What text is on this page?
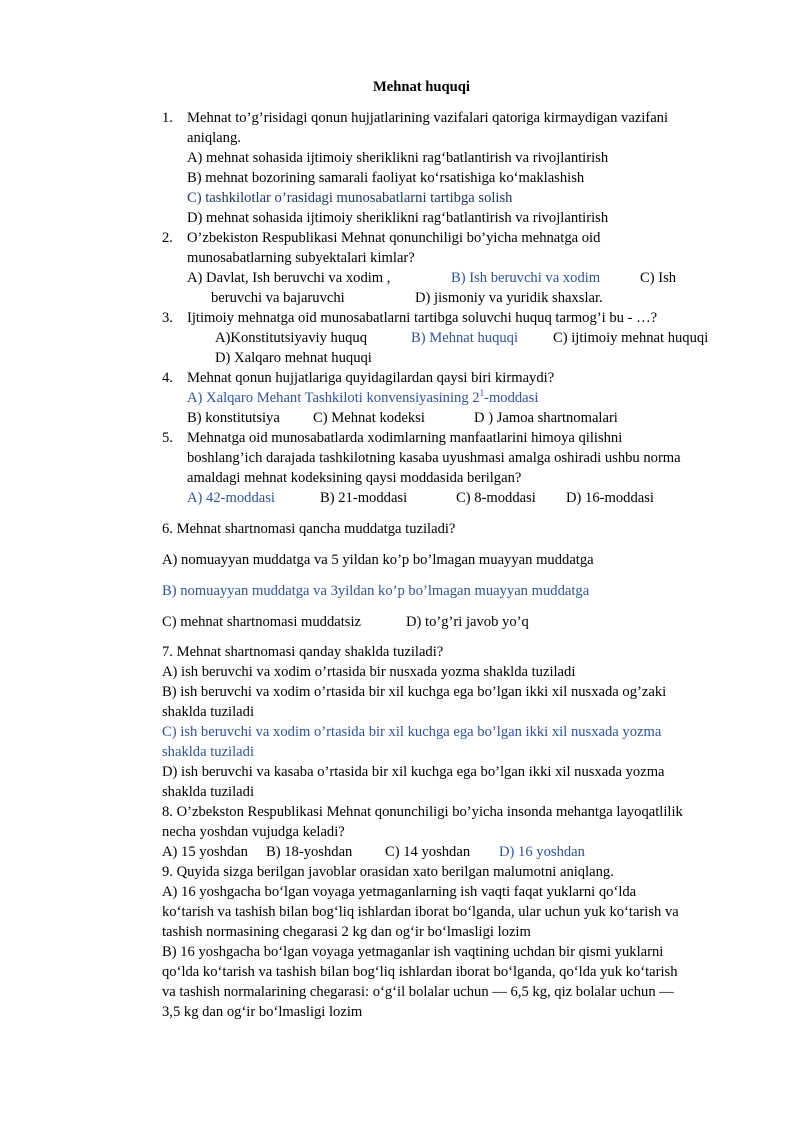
Mehnat huquqi
1. Mehnat to’g’risidagi qonun hujjatlarining vazifalari qatoriga kirmaydigan vazifani
aniqlang.
A) mehnat sohasida ijtimoiy sheriklikni rag‘batlantirish va rivojlantirish
B) mehnat bozorining samarali faoliyat ko‘rsatishiga ko‘maklashish
C) tashkilotlar o’rasidagi munosabatlarni tartibga solish
D) mehnat sohasida ijtimoiy sheriklikni rag‘batlantirish va rivojlantirish
2. O’zbekiston Respublikasi Mehnat qonunchiligi bo’yicha mehnatga oid
munosabatlarning subyektalari kimlar?
A) Davlat, Ish beruvchi va xodim ,	B) Ish beruvchi va xodim	C) Ish
beruvchi va bajaruvchi	D) jismoniy va yuridik shaxslar.
3. Ijtimoiy mehnatga oid munosabatlarni tartibga soluvchi huquq tarmog’i bu - …?
A)Konstitutsiyaviy huquq	B) Mehnat huquqi C) ijtimoiy mehnat huquqi
D) Xalqaro mehnat huquqi
4. Mehnat qonun hujjatlariga quyidagilardan qaysi biri kirmaydi?
A) Xalqaro Mehant Tashkiloti konvensiyasining $2^1$-moddasi
B) konstitutsiya C) Mehnat kodeksi	D ) Jamoa shartnomalari
5. Mehnatga oid munosabatlarda xodimlarning manfaatlarini himoya qilishni
boshlang’ich darajada tashkilotning kasaba uyushmasi amalga oshiradi ushbu norma
amaldagi mehnat kodeksining qaysi moddasida berilgan?
A) 42-moddasi	B) 21-moddasi	C) 8-moddasi D) 16-moddasi
6. Mehnat shartnomasi qancha muddatga tuziladi?
A) nomuayyan muddatga va 5 yildan ko’p bo’lmagan muayyan muddatga
B) nomuayyan muddatga va 3yildan ko’p bo’lmagan muayyan muddatga
C) mehnat shartnomasi muddatsiz	D) to’g’ri javob yo’q
7. Mehnat shartnomasi qanday shaklda tuziladi?
A) ish beruvchi va xodim o’rtasida bir nusxada yozma shaklda tuziladi
B) ish beruvchi va xodim o’rtasida bir xil kuchga ega bo’lgan ikki xil nusxada og’zaki
shaklda tuziladi
C) ish beruvchi va xodim o’rtasida bir xil kuchga ega bo’lgan ikki xil nusxada yozma
shaklda tuziladi
D) ish beruvchi va kasaba o’rtasida bir xil kuchga ega bo’lgan ikki xil nusxada yozma
shaklda tuziladi
8. O’zbekston Respublikasi Mehnat qonunchiligi bo’yicha insonda mehantga layoqatlilik
necha yoshdan vujudga keladi?
A) 15 yoshdan B) 18-yoshdan C) 14 yoshdan D) 16 yoshdan
9. Quyida sizga berilgan javoblar orasidan xato berilgan malumotni aniqlang.
A) 16 yoshgacha bo‘lgan voyaga yetmaganlarning ish vaqti faqat yuklarni qo‘lda
ko‘tarish va tashish bilan bog‘liq ishlardan iborat bo‘lganda, ular uchun yuk ko‘tarish va
tashish normasining chegarasi 2 kg dan og‘ir bo‘lmasligi lozim
B) 16 yoshgacha bo‘lgan voyaga yetmaganlar ish vaqtining uchdan bir qismi yuklarni
qo‘lda ko‘tarish va tashish bilan bog‘liq ishlardan iborat bo‘lganda, qo‘lda yuk ko‘tarish
va tashish normalarining chegarasi: o‘g‘il bolalar uchun — 6,5 kg, qiz bolalar uchun —
3,5 kg dan og‘ir bo‘lmasligi lozim
